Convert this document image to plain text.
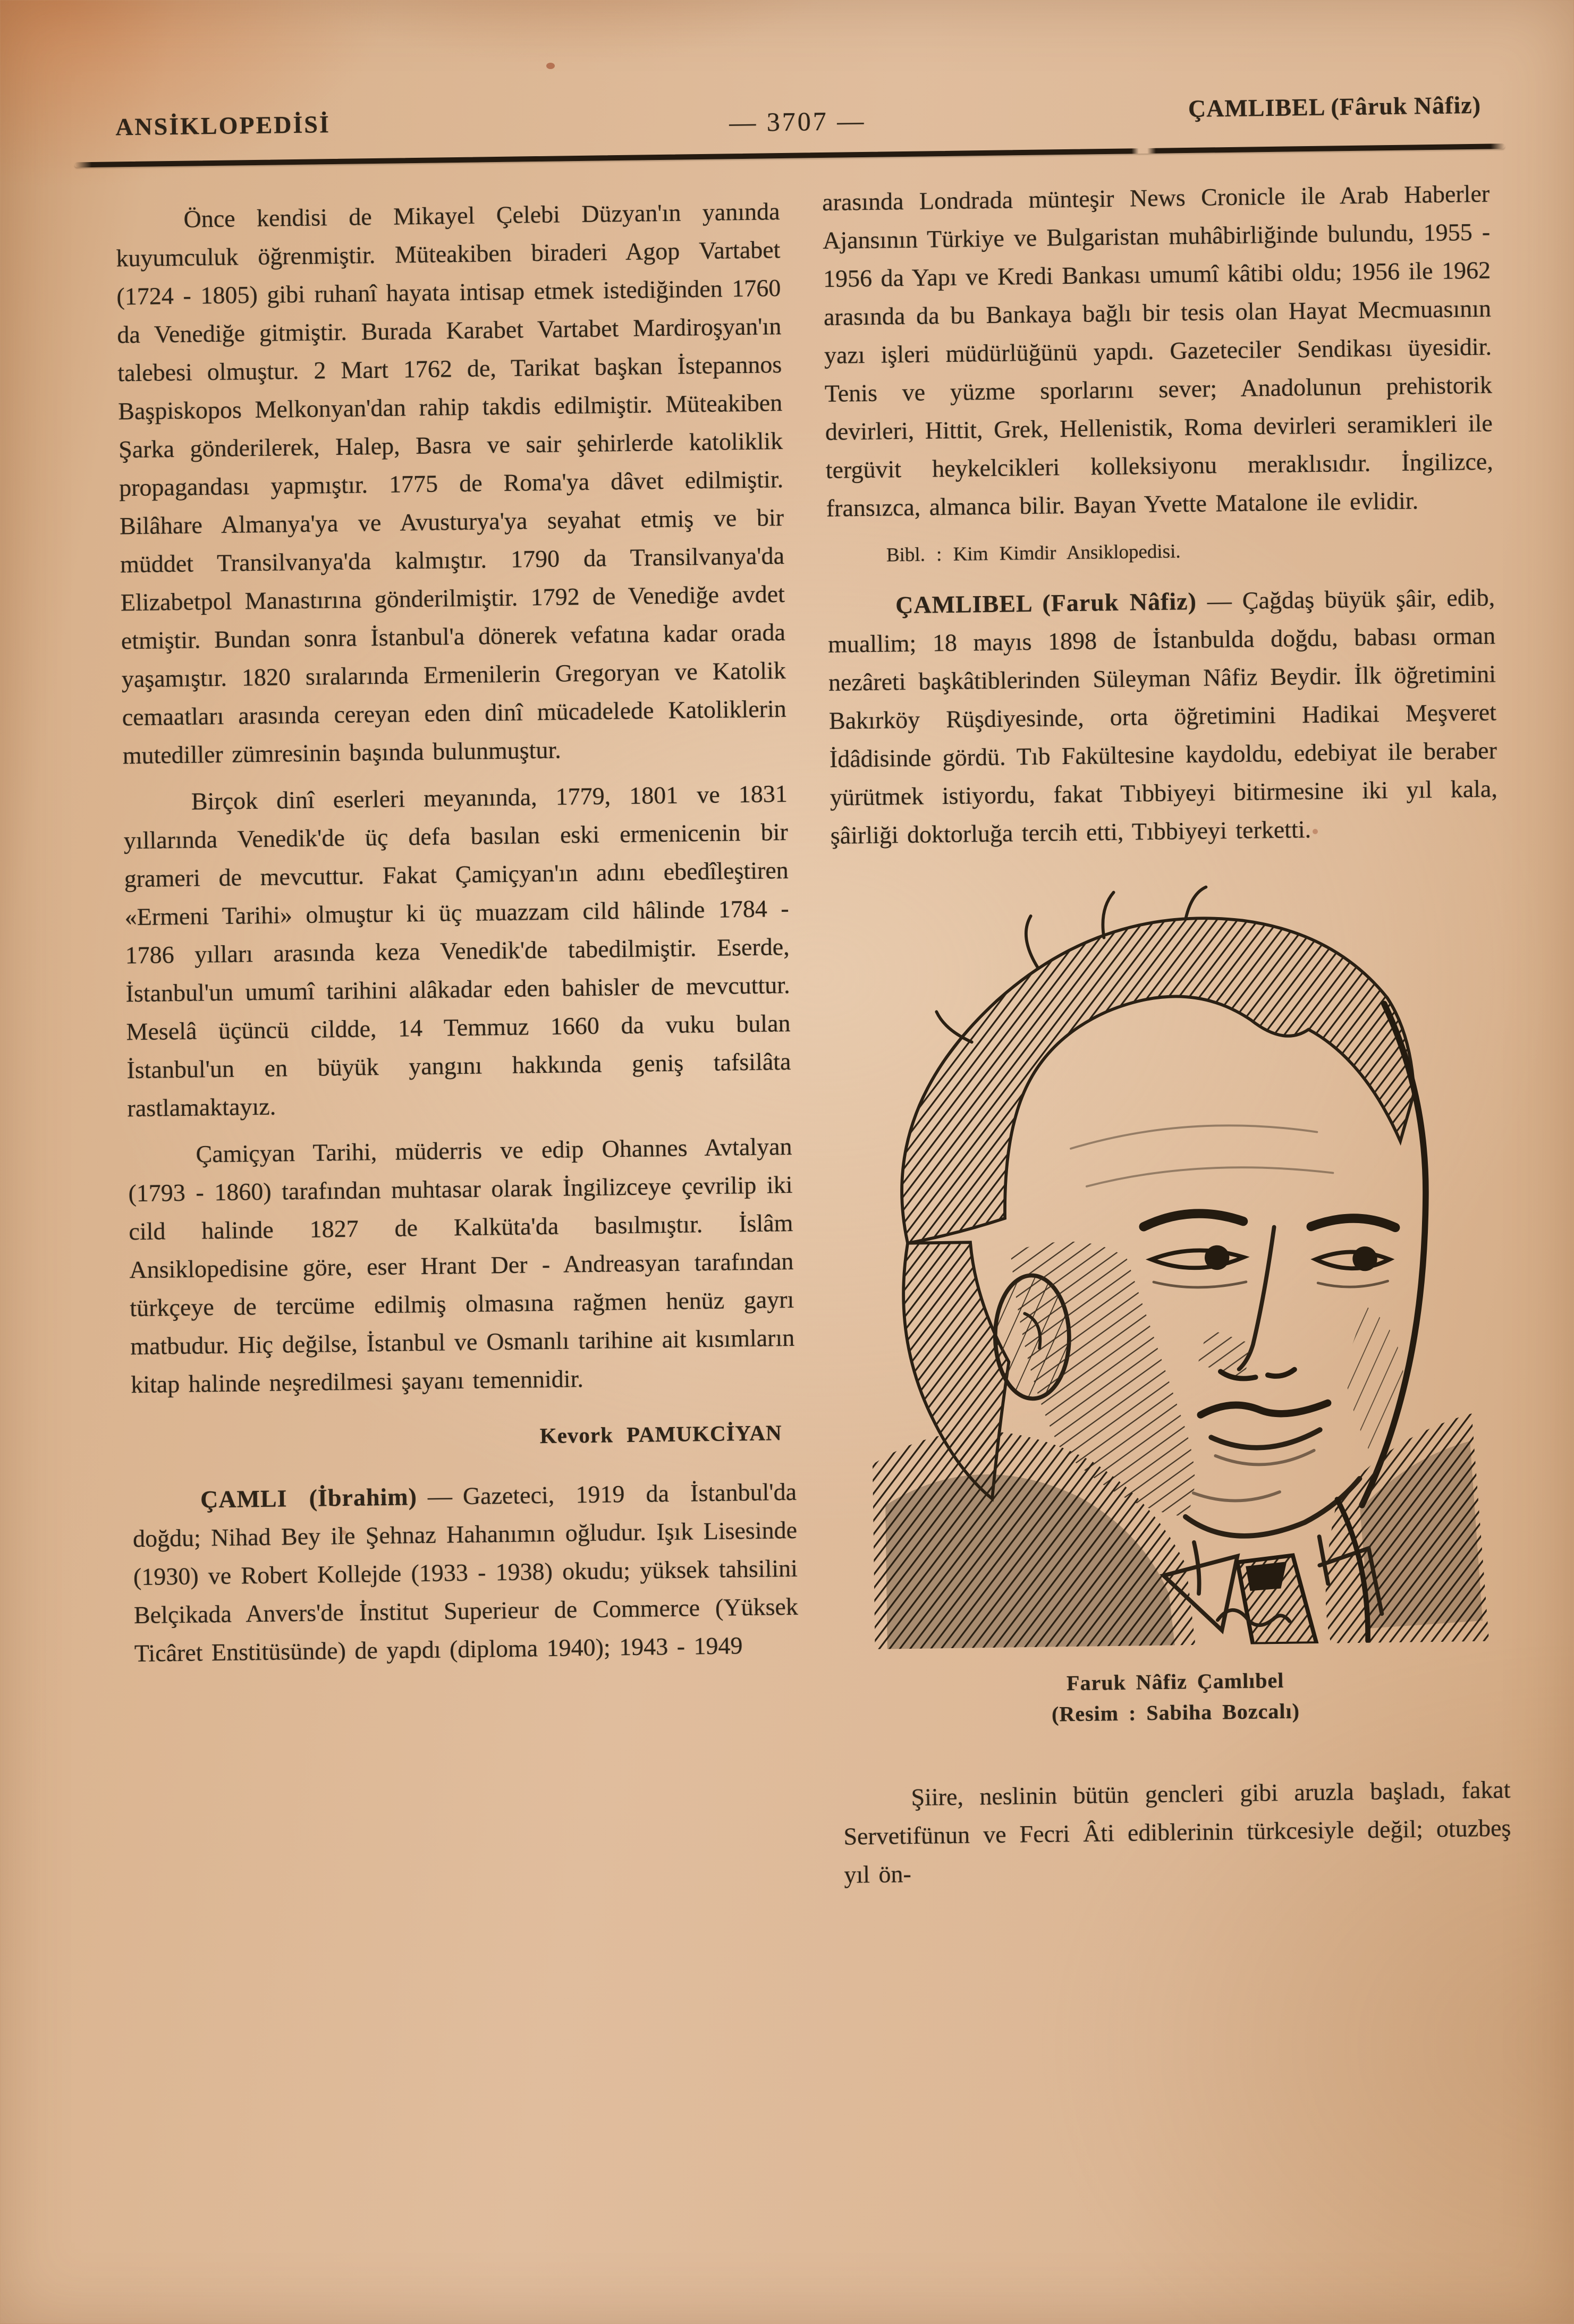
ANSİKLOPEDİSİ	— 3707 —	ÇAMLIBEL (Fâruk Nâfiz)

Önce kendisi de Mikayel Çelebi Düzyan'ın yanında kuyumculuk öğrenmiştir. Müteakiben biraderi Agop Vartabet (1724 - 1805) gibi ruhanî hayata intisap etmek istediğinden 1760 da Venediğe gitmiştir. Burada Karabet Vartabet Mardiroşyan'ın talebesi olmuştur. 2 Mart 1762 de, Tarikat başkan İstepannos Başpiskopos Melkonyan'dan rahip takdis edilmiştir. Müteakiben Şarka gönderilerek, Halep, Basra ve sair şehirlerde katoliklik propagandası yapmıştır. 1775 de Roma'ya dâvet edilmiştir. Bilâhare Almanya'ya ve Avusturya'ya seyahat etmiş ve bir müddet Transilvanya'da kalmıştır. 1790 da Transilvanya'da Elizabetpol Manastırına gönderilmiştir. 1792 de Venediğe avdet etmiştir. Bundan sonra İstanbul'a dönerek vefatına kadar orada yaşamıştır. 1820 sıralarında Ermenilerin Gregoryan ve Katolik cemaatları arasında cereyan eden dinî mücadelede Katoliklerin mutediller zümresinin başında bulunmuştur.

Birçok dinî eserleri meyanında, 1779, 1801 ve 1831 yıllarında Venedik'de üç defa basılan eski ermenicenin bir grameri de mevcuttur. Fakat Çamiçyan'ın adını ebedîleştiren «Ermeni Tarihi» olmuştur ki üç muazzam cild hâlinde 1784 - 1786 yılları arasında keza Venedik'de tabedilmiştir. Eserde, İstanbul'un umumî tarihini alâkadar eden bahisler de mevcuttur. Meselâ üçüncü cildde, 14 Temmuz 1660 da vuku bulan İstanbul'un en büyük yangını hakkında geniş tafsilâta rastlamaktayız.

Çamiçyan Tarihi, müderris ve edip Ohannes Avtalyan (1793 - 1860) tarafından muhtasar olarak İngilizceye çevrilip iki cild halinde 1827 de Kalküta'da basılmıştır. İslâm Ansiklopedisine göre, eser Hrant Der - Andreasyan tarafından türkçeye de tercüme edilmiş olmasına rağmen henüz gayrı matbudur. Hiç değilse, İstanbul ve Osmanlı tarihine ait kısımların kitap halinde neşredilmesi şayanı temennidir.

Kevork PAMUKCİYAN

ÇAMLI (İbrahim) — Gazeteci, 1919 da İstanbul'da doğdu; Nihad Bey ile Şehnaz Hahanımın oğludur. Işık Lisesinde (1930) ve Robert Kollejde (1933 - 1938) okudu; yüksek tahsilini Belçikada Anvers'de İnstitut Superieur de Commerce (Yüksek Ticâret Enstitüsünde) de yapdı (diploma 1940); 1943 - 1949

arasında Londrada münteşir News Cronicle ile Arab Haberler Ajansının Türkiye ve Bulgaristan muhâbirliğinde bulundu, 1955 - 1956 da Yapı ve Kredi Bankası umumî kâtibi oldu; 1956 ile 1962 arasında da bu Bankaya bağlı bir tesis olan Hayat Mecmuasının yazı işleri müdürlüğünü yapdı. Gazeteciler Sendikası üyesidir. Tenis ve yüzme sporlarını sever; Anadolunun prehistorik devirleri, Hittit, Grek, Hellenistik, Roma devirleri seramikleri ile tergüvit heykelcikleri kolleksiyonu meraklısıdır. İngilizce, fransızca, almanca bilir. Bayan Yvette Matalone ile evlidir.

Bibl. : Kim Kimdir Ansiklopedisi.

ÇAMLIBEL (Faruk Nâfiz) — Çağdaş büyük şâir, edib, muallim; 18 mayıs 1898 de İstanbulda doğdu, babası orman nezâreti başkâtiblerinden Süleyman Nâfiz Beydir. İlk öğretimini Bakırköy Rüşdiyesinde, orta öğretimini Hadikai Meşveret İdâdisinde gördü. Tıb Fakültesine kaydoldu, edebiyat ile beraber yürütmek istiyordu, fakat Tıbbiyeyi bitirmesine iki yıl kala, şâirliği doktorluğa tercih etti, Tıbbiyeyi terketti.

Faruk Nâfiz Çamlıbel
(Resim : Sabiha Bozcalı)

Şiire, neslinin bütün gencleri gibi aruzla başladı, fakat Servetifünun ve Fecri Âti ediblerinin türkcesiyle değil; otuzbeş yıl ön-
